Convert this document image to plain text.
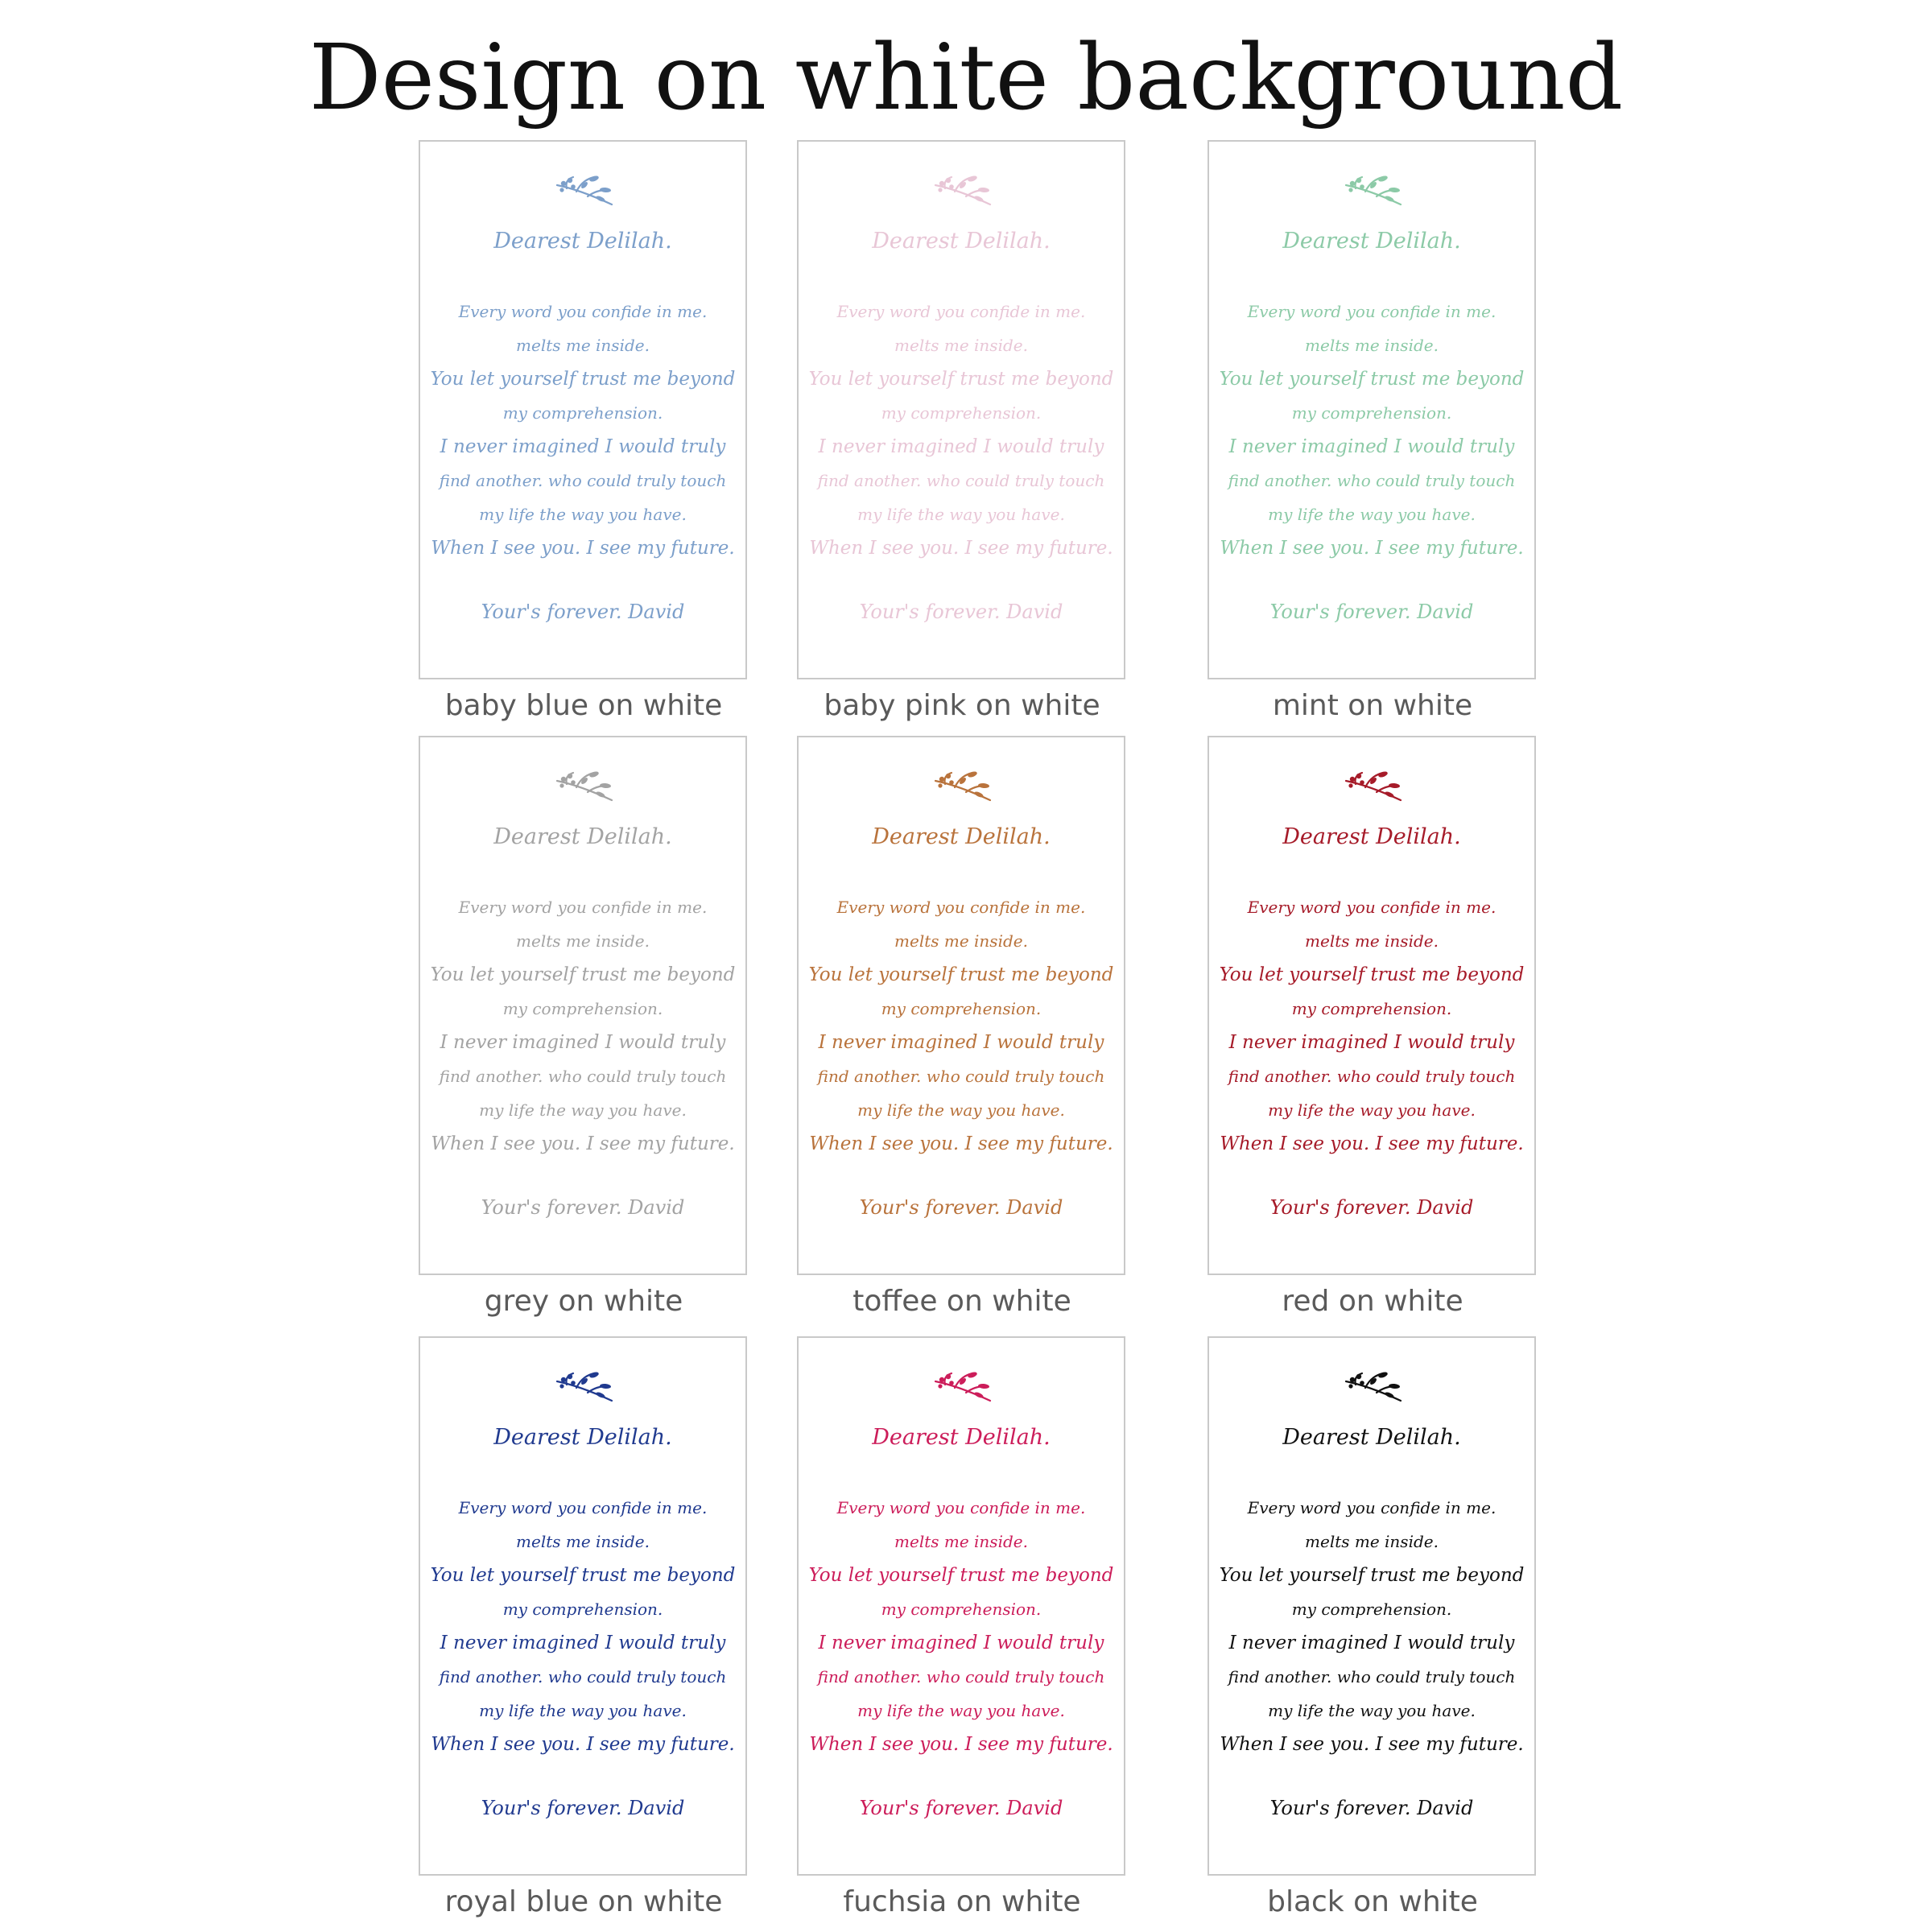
Design on white background
Dearest Delilah.
Every word you confide in me.
melts me inside.
You let yourself trust me beyond
my comprehension.
I never imagined I would truly
find another. who could truly touch
my life the way you have.
When I see you. I see my future.
Your's forever. David
baby blue on white
Dearest Delilah.
Every word you confide in me.
melts me inside.
You let yourself trust me beyond
my comprehension.
I never imagined I would truly
find another. who could truly touch
my life the way you have.
When I see you. I see my future.
Your's forever. David
baby pink on white
Dearest Delilah.
Every word you confide in me.
melts me inside.
You let yourself trust me beyond
my comprehension.
I never imagined I would truly
find another. who could truly touch
my life the way you have.
When I see you. I see my future.
Your's forever. David
mint on white
Dearest Delilah.
Every word you confide in me.
melts me inside.
You let yourself trust me beyond
my comprehension.
I never imagined I would truly
find another. who could truly touch
my life the way you have.
When I see you. I see my future.
Your's forever. David
grey on white
Dearest Delilah.
Every word you confide in me.
melts me inside.
You let yourself trust me beyond
my comprehension.
I never imagined I would truly
find another. who could truly touch
my life the way you have.
When I see you. I see my future.
Your's forever. David
toffee on white
Dearest Delilah.
Every word you confide in me.
melts me inside.
You let yourself trust me beyond
my comprehension.
I never imagined I would truly
find another. who could truly touch
my life the way you have.
When I see you. I see my future.
Your's forever. David
red on white
Dearest Delilah.
Every word you confide in me.
melts me inside.
You let yourself trust me beyond
my comprehension.
I never imagined I would truly
find another. who could truly touch
my life the way you have.
When I see you. I see my future.
Your's forever. David
royal blue on white
Dearest Delilah.
Every word you confide in me.
melts me inside.
You let yourself trust me beyond
my comprehension.
I never imagined I would truly
find another. who could truly touch
my life the way you have.
When I see you. I see my future.
Your's forever. David
fuchsia on white
Dearest Delilah.
Every word you confide in me.
melts me inside.
You let yourself trust me beyond
my comprehension.
I never imagined I would truly
find another. who could truly touch
my life the way you have.
When I see you. I see my future.
Your's forever. David
black on white
